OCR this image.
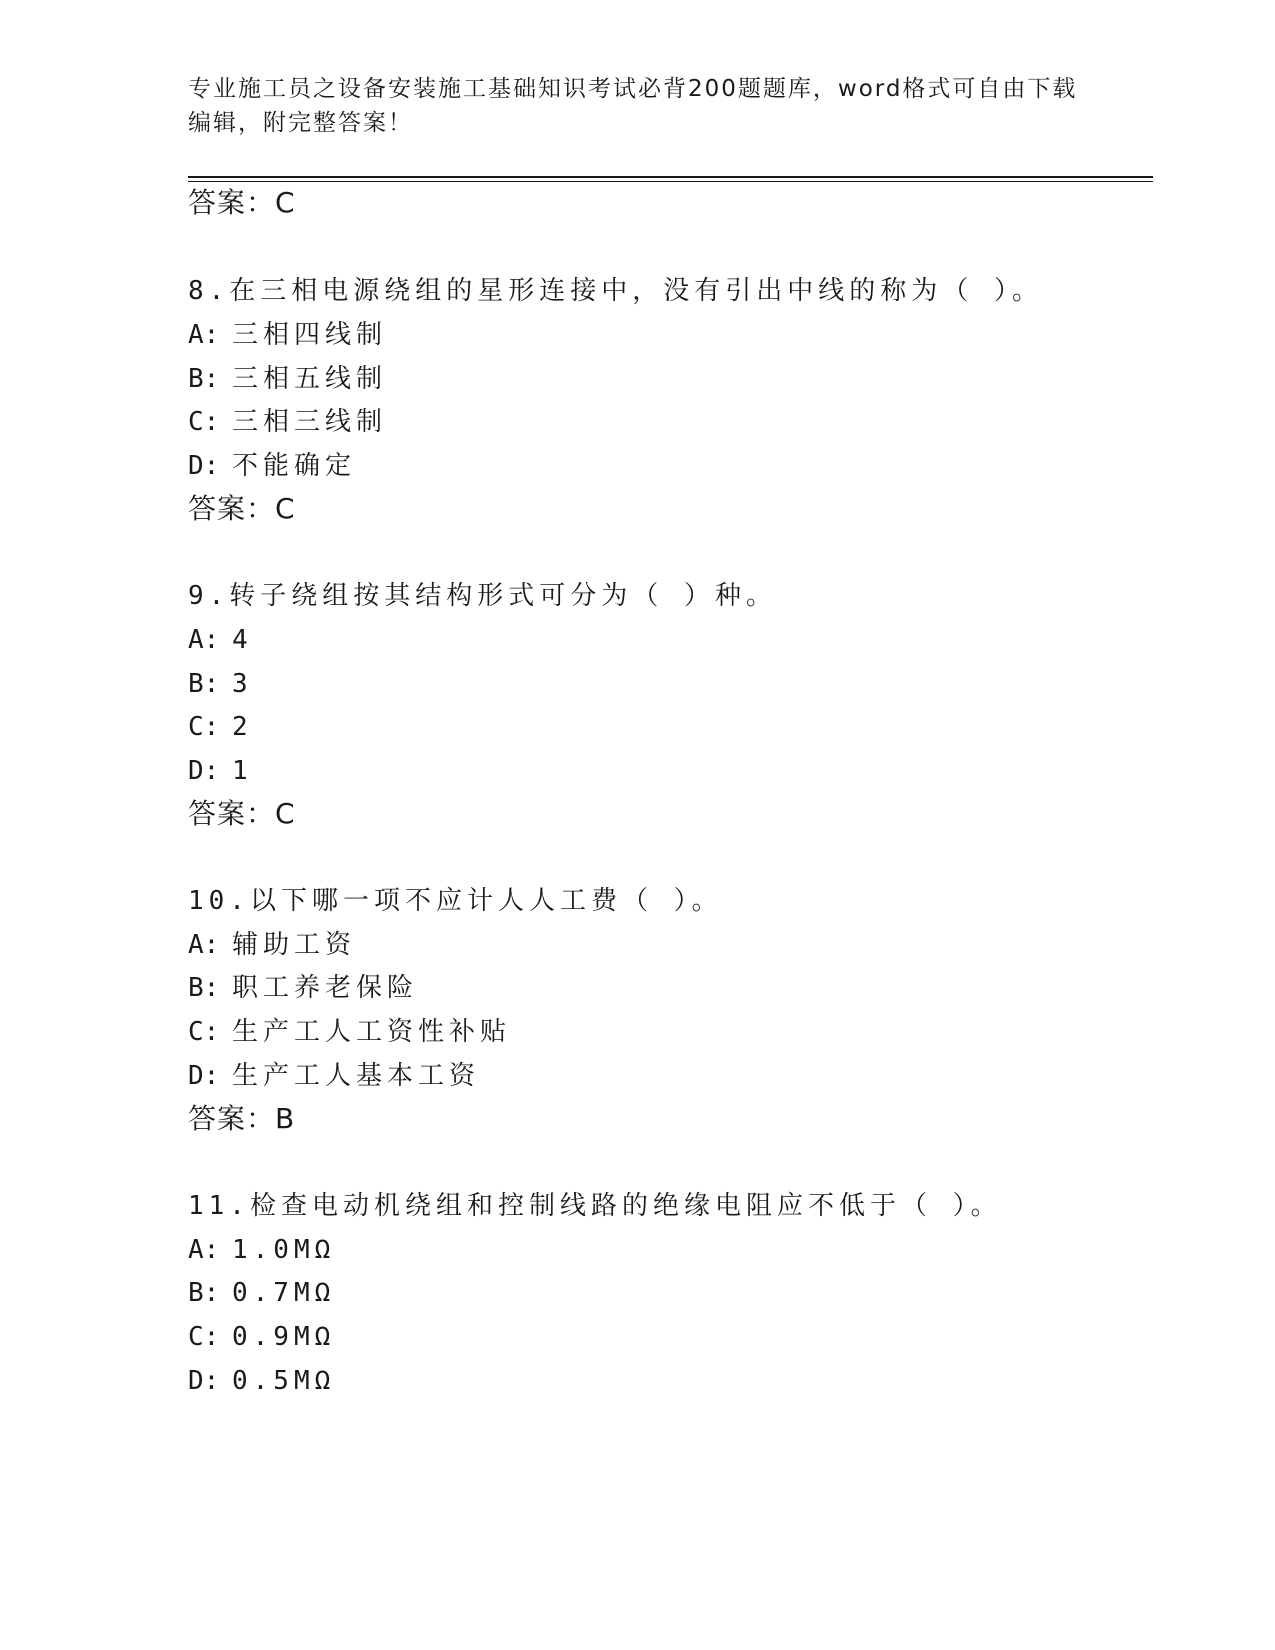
专业施工员之设备安装施工基础知识考试必背200题题库，word格式可自由下载
编辑，附完整答案！
答案：C
8.在三相电源绕组的星形连接中，没有引出中线的称为（ ）。
A: 三相四线制
B: 三相五线制
C: 三相三线制
D: 不能确定
答案：C
9.转子绕组按其结构形式可分为（ ）种。
A: 4
B: 3
C: 2
D: 1
答案：C
10.以下哪一项不应计人人工费（ ）。
A: 辅助工资
B: 职工养老保险
C: 生产工人工资性补贴
D: 生产工人基本工资
答案：B
11.检查电动机绕组和控制线路的绝缘电阻应不低于（ ）。
A: 1.0MΩ
B: 0.7MΩ
C: 0.9MΩ
D: 0.5MΩ
